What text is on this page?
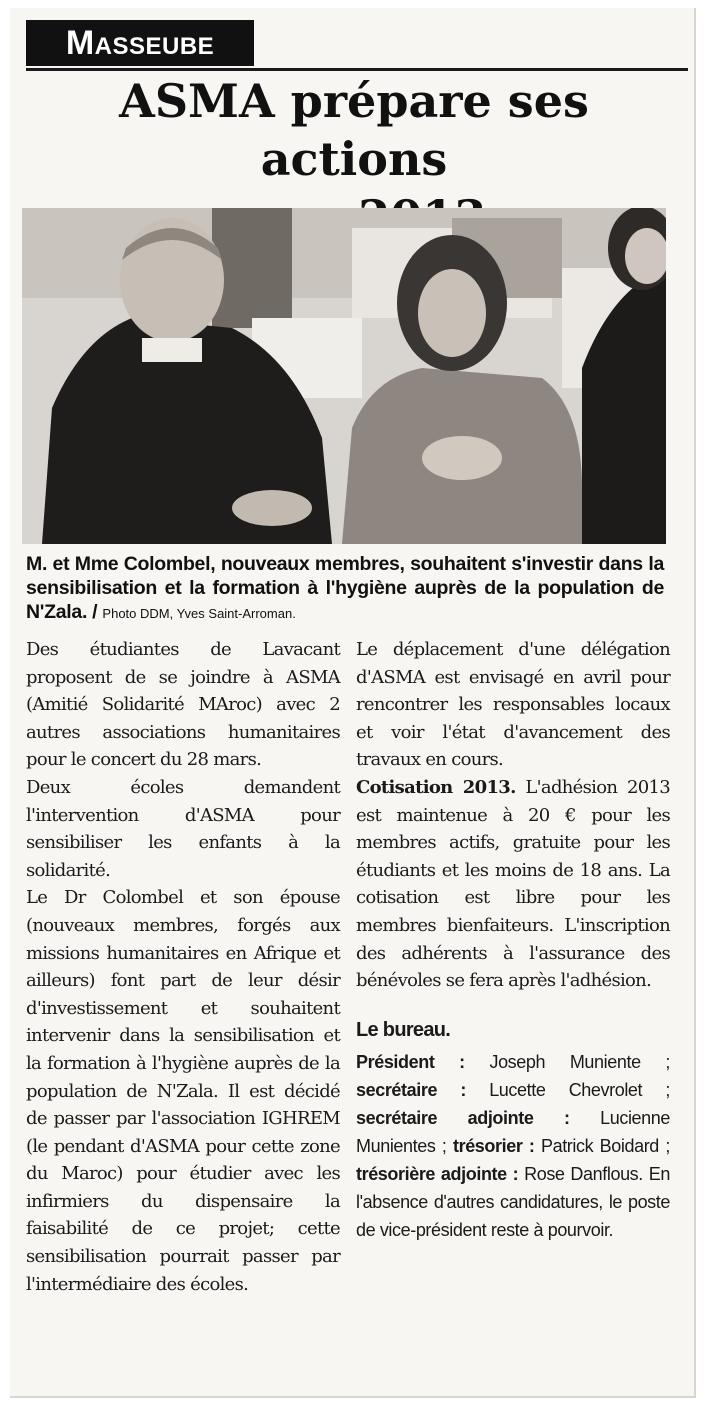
Masseube
ASMA prépare ses actions

M. et Mme Colombel, nouveaux membres, souhaitent s'investir dans la sensibilisation et la formation à l'hygiène auprès de la population de N'Zala. / Photo DDM, Yves Saint-Arroman.

Des étudiantes de Lavacant proposent de se joindre à ASMA (Amitié Solidarité MAroc) avec 2 autres associations humanitaires pour le concert du 28 mars.

Deux écoles demandent l'intervention d'ASMA pour sensibiliser les enfants à la solidarité.

Le Dr Colombel et son épouse (nouveaux membres, forgés aux missions humanitaires en Afrique et ailleurs) font part de leur désir d'investissement et souhaitent intervenir dans la sensibilisation et la formation à l'hygiène auprès de la population de N'Zala. Il est décidé de passer par l'association IGHREM (le pendant d'ASMA pour cette zone du Maroc) pour étudier avec les infirmiers du dispensaire la faisabilité de ce projet; cette sensibilisation pourrait passer par l'intermédiaire des écoles.

Le déplacement d'une délégation d'ASMA est envisagé en avril pour rencontrer les responsables locaux et voir l'état d'avancement des travaux en cours.

Cotisation 2013. L'adhésion 2013 est maintenue à 20 € pour les membres actifs, gratuite pour les étudiants et les moins de 18 ans. La cotisation est libre pour les membres bienfaiteurs. L'inscription des adhérents à l'assurance des bénévoles se fera après l'adhésion.

Le bureau.

Président : Joseph Muniente ; secrétaire : Lucette Chevrolet ; secrétaire adjointe : Lucienne Munientes ; trésorier : Patrick Boidard ; trésorière adjointe : Rose Danflous. En l'absence d'autres candidatures, le poste de vice-président reste à pourvoir.
